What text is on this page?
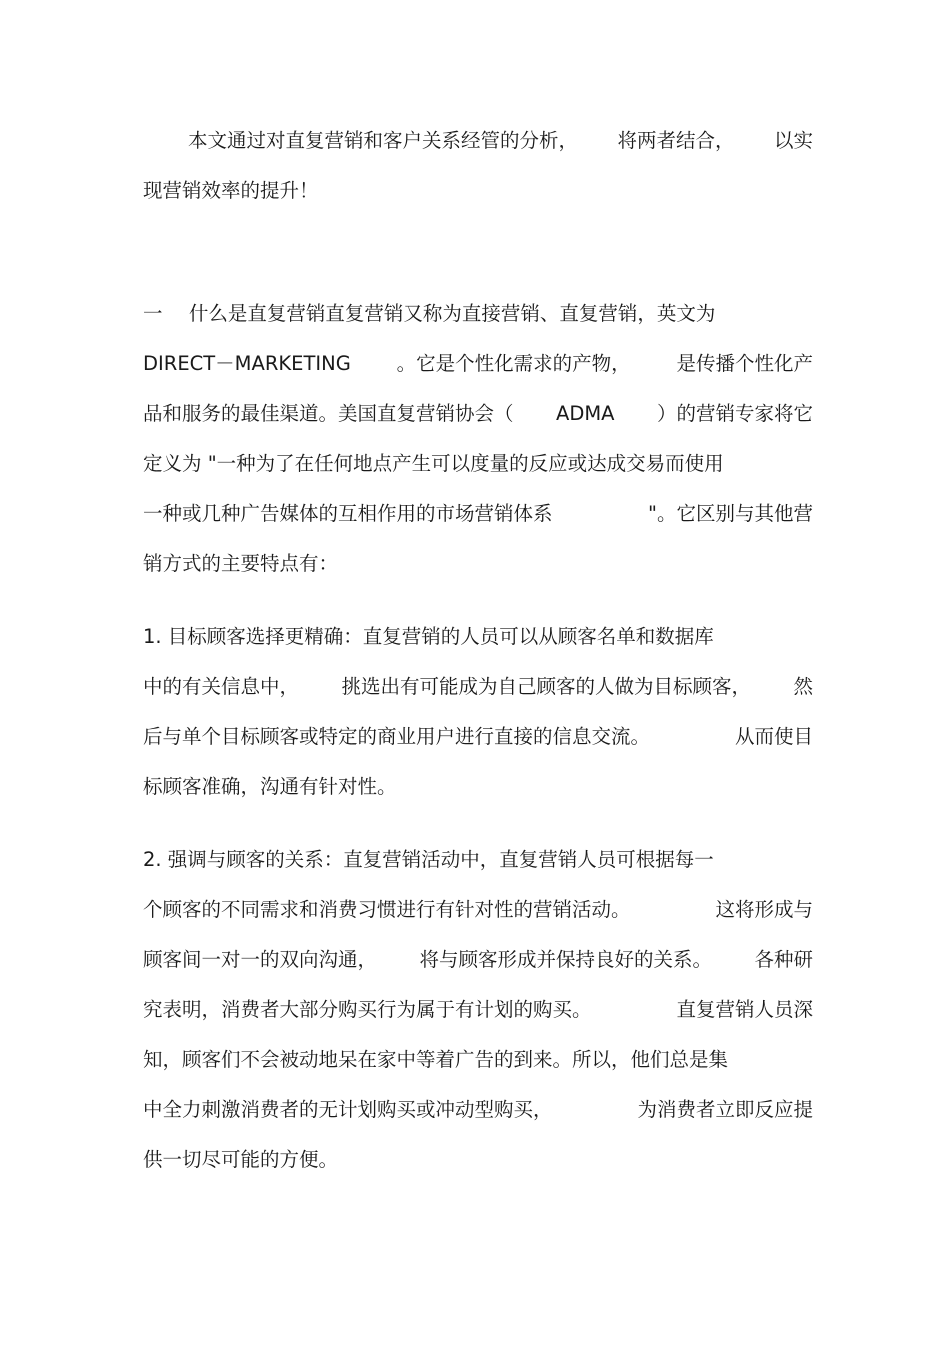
本文通过对直复营销和客户关系经管的分析， 将两者结合， 以实
现营销效率的提升！
一 什么是直复营销直复营销又称为直接营销、直复营销，英文为
DIRECT－MARKETING 。它是个性化需求的产物， 是传播个性化产
品和服务的最佳渠道。美国直复营销协会（ ADMA ）的营销专家将它
定义为 "一种为了在任何地点产生可以度量的反应或达成交易而使用
一种或几种广告媒体的互相作用的市场营销体系	"。它区别与其他营
销方式的主要特点有：
1. 目标顾客选择更精确：直复营销的人员可以从顾客名单和数据库
中的有关信息中， 挑选出有可能成为自己顾客的人做为目标顾客， 然
后与单个目标顾客或特定的商业用户进行直接的信息交流。	从而使目
标顾客准确，沟通有针对性。
2. 强调与顾客的关系：直复营销活动中，直复营销人员可根据每一
个顾客的不同需求和消费习惯进行有针对性的营销活动。	这将形成与
顾客间一对一的双向沟通， 将与顾客形成并保持良好的关系。 各种研
究表明，消费者大部分购买行为属于有计划的购买。	直复营销人员深
知，顾客们不会被动地呆在家中等着广告的到来。所以，他们总是集
中全力刺激消费者的无计划购买或冲动型购买，	为消费者立即反应提
供一切尽可能的方便。
